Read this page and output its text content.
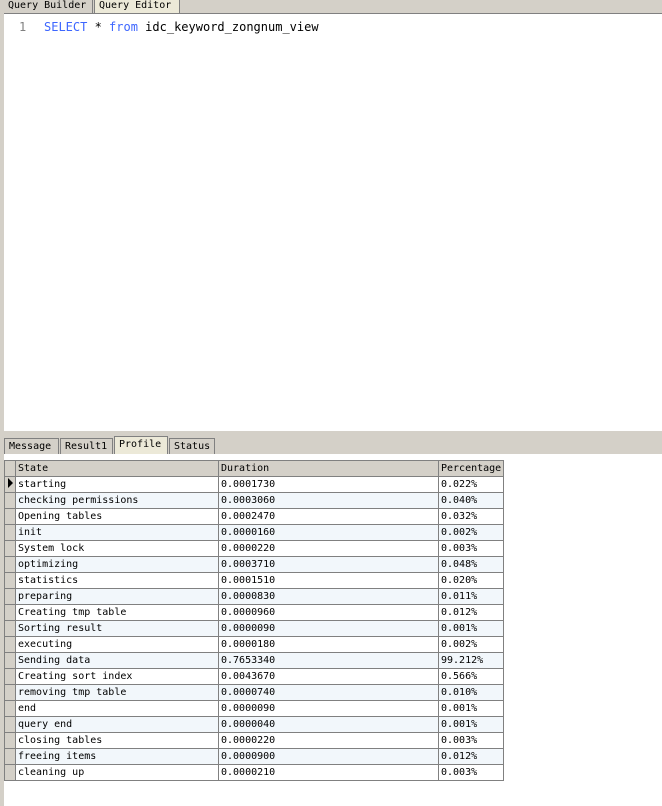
Query Builder	Query Editor
1 SELECT * from idc_keyword_zongnum_view
Message	Result1	Profile	Status
	State	Duration	Percentage
	starting	0.0001730	0.022%
	checking permissions	0.0003060	0.040%
	Opening tables	0.0002470	0.032%
	init	0.0000160	0.002%
	System lock	0.0000220	0.003%
	optimizing	0.0003710	0.048%
	statistics	0.0001510	0.020%
	preparing	0.0000830	0.011%
	Creating tmp table	0.0000960	0.012%
	Sorting result	0.0000090	0.001%
	executing	0.0000180	0.002%
	Sending data	0.7653340	99.212%
	Creating sort index	0.0043670	0.566%
	removing tmp table	0.0000740	0.010%
	end	0.0000090	0.001%
	query end	0.0000040	0.001%
	closing tables	0.0000220	0.003%
	freeing items	0.0000900	0.012%
	cleaning up	0.0000210	0.003%
